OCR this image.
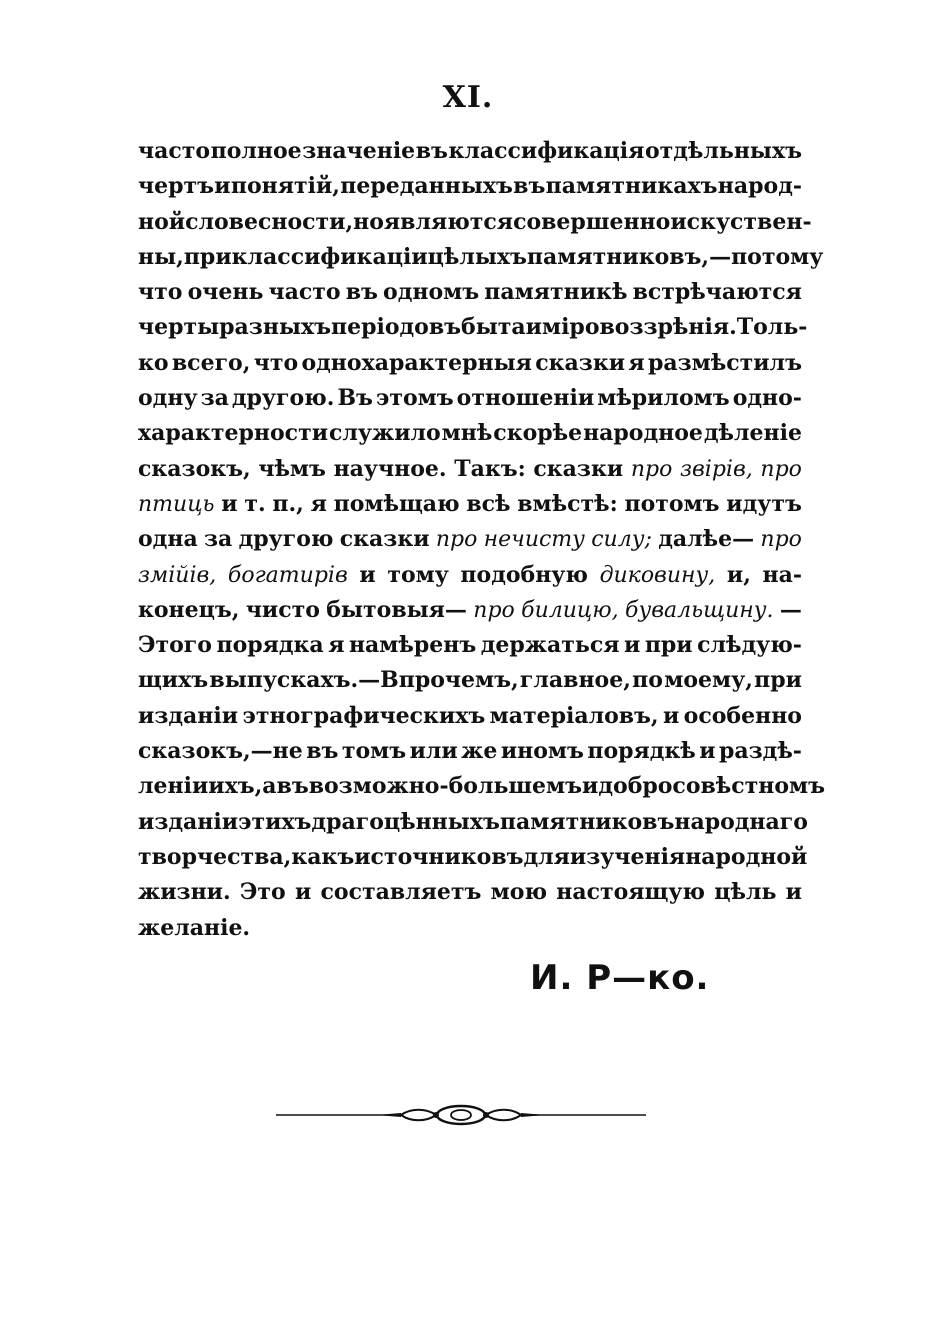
XI.
часто полное значеніе въ классификація отдѣльныхъ
чертъ и понятій, переданныхъ въ памятникахъ народ-
ной словесности, но являются совершенно искуствен-
ны, при классификаціи цѣлыхъ памятниковъ,—потому
что очень часто въ одномъ памятникѣ встрѣчаются
черты разныхъ періодовъ быта и міровоззрѣнія. Толь-
ко всего, что однохарактерныя сказки я размѣстилъ
одну за другою. Въ этомъ отношеніи мѣриломъ одно-
характерности служило мнѣ скорѣе народное дѣленіе
сказокъ, чѣмъ научное. Такъ: сказки про звірів, про
птиць и т. п., я помѣщаю всѣ вмѣстѣ: потомъ идутъ
одна за другою сказки про нечисту силу; далѣе— про
змійів, богатирів и тому подобную диковину, и, на-
конецъ, чисто бытовыя— про билицю, бувальщину. —
Этого порядка я намѣренъ держаться и при слѣдую-
щихъ выпускахъ.—Впрочемъ, главное, по моему, при
изданіи этнографическихъ матеріаловъ, и особенно
сказокъ,—не въ томъ или же иномъ порядкѣ и раздѣ-
леніи ихъ, а въ возможно-большемъ и добросовѣстномъ
изданіи этихъ драгоцѣнныхъ памятниковъ народнаго
творчества, какъ источниковъ для изученія народной
жизни. Это и составляетъ мою настоящую цѣль и
желаніе.
И. Р—ко.
